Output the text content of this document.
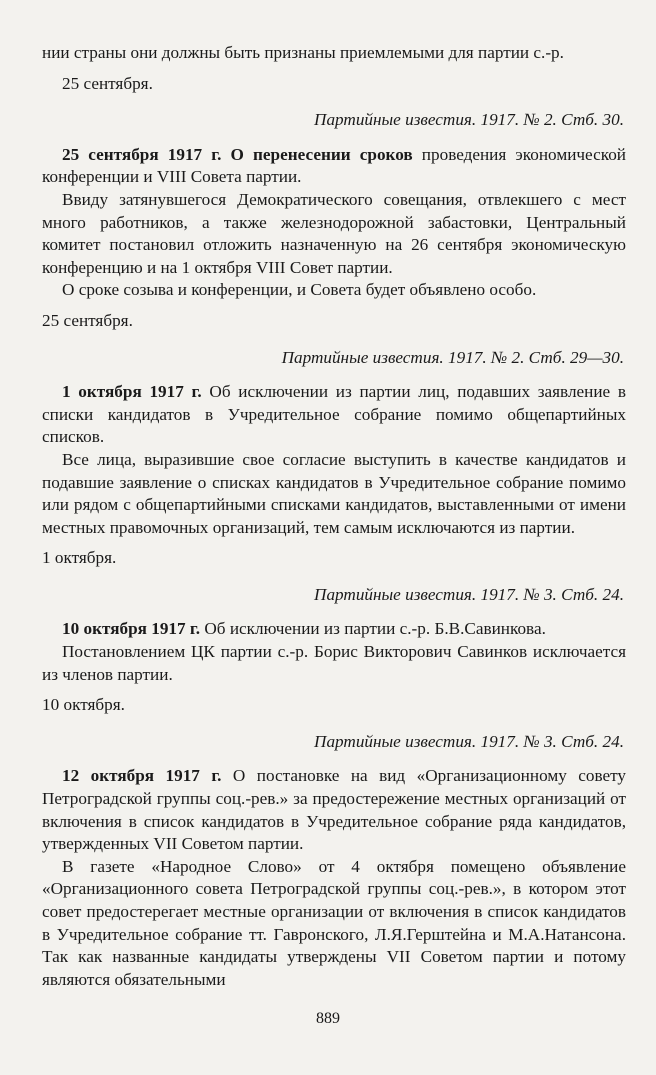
нии страны они должны быть признаны приемлемыми для партии с.-р.

25 сентября.

Партийные известия. 1917. № 2. Стб. 30.

25 сентября 1917 г. О перенесении сроков проведения экономической конференции и VIII Совета партии.

Ввиду затянувшегося Демократического совещания, отвлекшего с мест много работников, а также железнодорожной забастовки, Центральный комитет постановил отложить назначенную на 26 сентября экономическую конференцию и на 1 октября VIII Совет партии.

О сроке созыва и конференции, и Совета будет объявлено особо.

25 сентября.

Партийные известия. 1917. № 2. Стб. 29—30.

1 октября 1917 г. Об исключении из партии лиц, подавших заявление в списки кандидатов в Учредительное собрание помимо общепартийных списков.

Все лица, выразившие свое согласие выступить в качестве кандидатов и подавшие заявление о списках кандидатов в Учредительное собрание помимо или рядом с общепартийными списками кандидатов, выставленными от имени местных правомочных организаций, тем самым исключаются из партии.

1 октября.

Партийные известия. 1917. № 3. Стб. 24.

10 октября 1917 г. Об исключении из партии с.-р. Б.В.Савинкова.

Постановлением ЦК партии с.-р. Борис Викторович Савинков исключается из членов партии.

10 октября.

Партийные известия. 1917. № 3. Стб. 24.

12 октября 1917 г. О постановке на вид «Организационному совету Петроградской группы соц.-рев.» за предостережение местных организаций от включения в список кандидатов в Учредительное собрание ряда кандидатов, утвержденных VII Советом партии.

В газете «Народное Слово» от 4 октября помещено объявление «Организационного совета Петроградской группы соц.-рев.», в котором этот совет предостерегает местные организации от включения в список кандидатов в Учредительное собрание тт. Гавронского, Л.Я.Герштейна и М.А.Натансона. Так как названные кандидаты утверждены VII Советом партии и потому являются обязательными

889
